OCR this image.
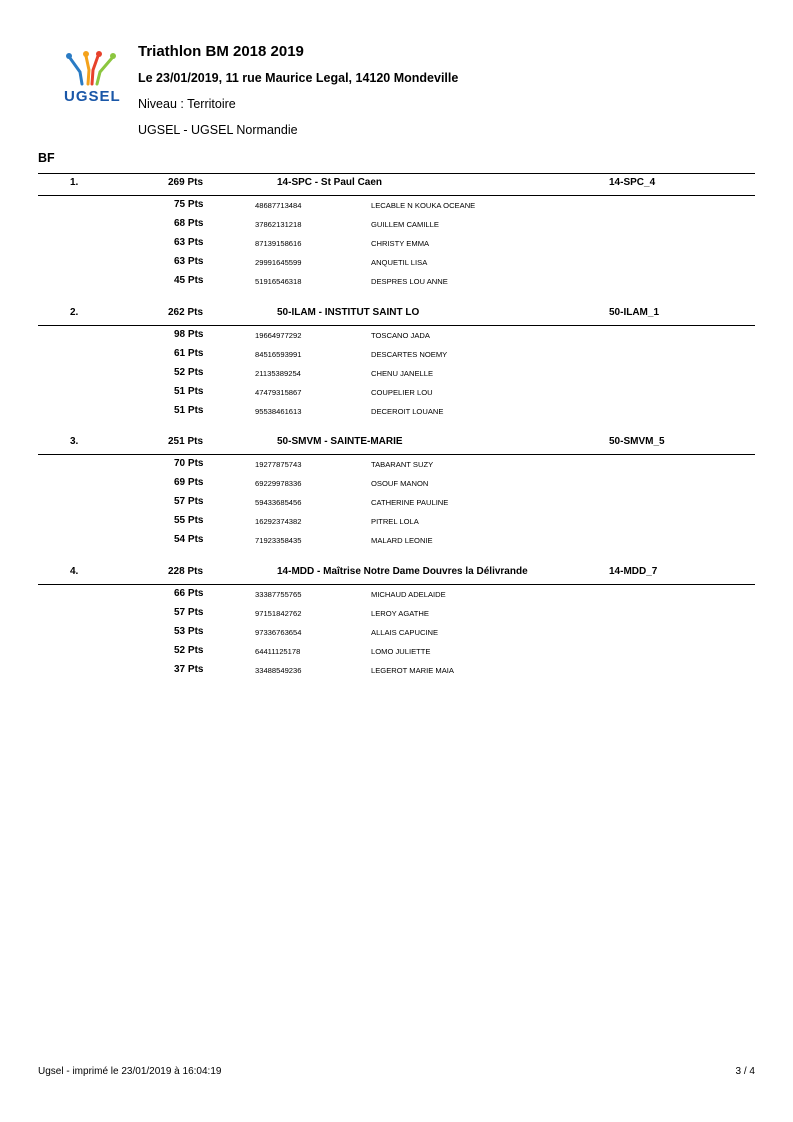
UGSEL
Triathlon BM 2018 2019
Le 23/01/2019, 11 rue Maurice Legal, 14120 Mondeville
Niveau : Territoire
UGSEL - UGSEL Normandie
BF
1.	269 Pts	14-SPC - St Paul Caen	14-SPC_4
75 Pts	48687713484	LECABLE N KOUKA OCEANE
68 Pts	37862131218	GUILLEM CAMILLE
63 Pts	87139158616	CHRISTY EMMA
63 Pts	29991645599	ANQUETIL LISA
45 Pts	51916546318	DESPRES LOU ANNE
2.	262 Pts	50-ILAM - INSTITUT SAINT LO	50-ILAM_1
98 Pts	19664977292	TOSCANO JADA
61 Pts	84516593991	DESCARTES NOEMY
52 Pts	21135389254	CHENU JANELLE
51 Pts	47479315867	COUPELIER LOU
51 Pts	95538461613	DECEROIT LOUANE
3.	251 Pts	50-SMVM - SAINTE-MARIE	50-SMVM_5
70 Pts	19277875743	TABARANT SUZY
69 Pts	69229978336	OSOUF MANON
57 Pts	59433685456	CATHERINE PAULINE
55 Pts	16292374382	PITREL LOLA
54 Pts	71923358435	MALARD LEONIE
4.	228 Pts	14-MDD - Maîtrise Notre Dame Douvres la Délivrande	14-MDD_7
66 Pts	33387755765	MICHAUD ADELAIDE
57 Pts	97151842762	LEROY AGATHE
53 Pts	97336763654	ALLAIS CAPUCINE
52 Pts	64411125178	LOMO JULIETTE
37 Pts	33488549236	LEGEROT MARIE MAIA
Ugsel - imprimé le 23/01/2019 à 16:04:19	3 / 4
